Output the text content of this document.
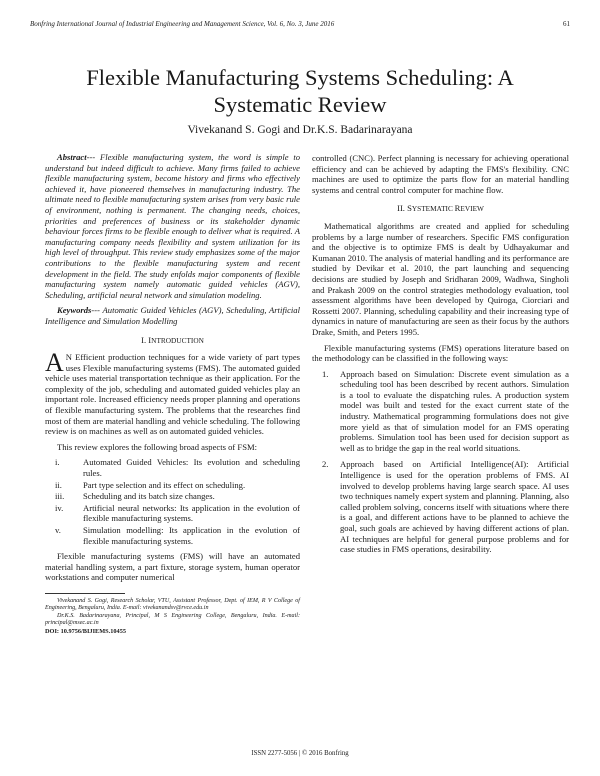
Bonfring International Journal of Industrial Engineering and Management Science, Vol. 6, No. 3, June 2016	61
Flexible Manufacturing Systems Scheduling: A
Systematic Review
Vivekanand S. Gogi and Dr.K.S. Badarinarayana

Abstract--- Flexible manufacturing system, the word is simple to understand but indeed difficult to achieve. Many firms failed to achieve flexible manufacturing system, become history and firms who effectively achieved it, have pioneered themselves in manufacturing industry. The ultimate need to flexible manufacturing system arises from very basic rule of environment, nothing is permanent. The changing needs, choices, priorities and preferences of business or its stakeholder dynamic behaviour forces firms to be flexible enough to deliver what is required. A manufacturing company needs flexibility and system utilization for its high level of throughput. This review study emphasizes some of the major contributions to the flexible manufacturing system and recent development in the field. The study enfolds major components of flexible manufacturing system namely automatic guided vehicles (AGV), Scheduling, artificial neural network and simulation modeling.

Keywords--- Automatic Guided Vehicles (AGV), Scheduling, Artificial Intelligence and Simulation Modelling

I. INTRODUCTION

A N Efficient production techniques for a wide variety of part types uses Flexible manufacturing systems (FMS). The automated guided vehicle uses material transportation technique as their application. For the complexity of the job, scheduling and automated guided vehicles play an important role. Increased efficiency needs proper planning and operations of flexible manufacturing system. The problems that the researches find most of them are material handling and vehicle scheduling. The following review is on machines as well as on automated guided vehicles.

This review explores the following broad aspects of FSM:

i.	Automated Guided Vehicles: Its evolution and scheduling rules.
ii. Part type selection and its effect on scheduling.
iii. Scheduling and its batch size changes.
iv. Artificial neural networks: Its application in the evolution of flexible manufacturing systems.
v.	Simulation modelling: Its application in the evolution of flexible manufacturing systems.

Flexible manufacturing systems (FMS) will have an automated material handling system, a part fixture, storage system, human operator workstations and computer numerical

Vivekanand S. Gogi, Research Scholar, VTU, Assistant Professor, Dept. of IEM, R V College of Engineering, Bengaluru, India. E-mail: vivekanandsv@rvce.edu.in

Dr.K.S. Badarinarayana, Principal, M S Engineering College, Bengaluru, India. E-mail: principal@msec.ac.in

DOI: 10.9756/BIJIEMS.10455

controlled (CNC). Perfect planning is necessary for achieving operational efficiency and can be achieved by adapting the FMS's flexibility. CNC machines are used to optimize the parts flow for an material handling systems and central control computer for machine flow.

II. SYSTEMATIC REVIEW

Mathematical algorithms are created and applied for scheduling problems by a large number of researchers. Specific FMS configuration and the objective is to optimize FMS is dealt by Udhayakumar and Kumanan 2010. The analysis of material handling and its performance are studied by Devikar et al. 2010, the part launching and sequencing decisions are studied by Joseph and Sridharan 2009, Wadhwa, Singholi and Prakash 2009 on the control strategies methodology evaluation, tool assessment algorithms have been developed by Quiroga, Ciorciari and Rossetti 2007. Planning, scheduling capability and their increasing type of dynamics in nature of manufacturing are seen as their focus by the authors Drake, Smith, and Peters 1995.

Flexible manufacturing systems (FMS) operations literature based on the methodology can be classified in the following ways:

1. Approach based on Simulation: Discrete event simulation as a scheduling tool has been described by recent authors. Simulation is a tool to evaluate the dispatching rules. A production system model was built and tested for the exact current state of the industry. Mathematical programming formulations does not give more yield as that of simulation model for an FMS operating problems. Simulation tool has been used for decision support as well as to bridge the gap in the real world situations.
2. Approach based on Artificial Intelligence(AI): Artificial Intelligence is used for the operation problems of FMS. AI involved to develop problems having large search space. AI uses two techniques namely expert system and planning. Planning, also called problem solving, concerns itself with situations where there is a goal, and different actions have to be planned to achieve the goal, such goals are achieved by having different actions of plan. AI techniques are helpful for general purpose problems and for case studies in FMS operations, desirability.
ISSN 2277-5056 | © 2016 Bonfring
